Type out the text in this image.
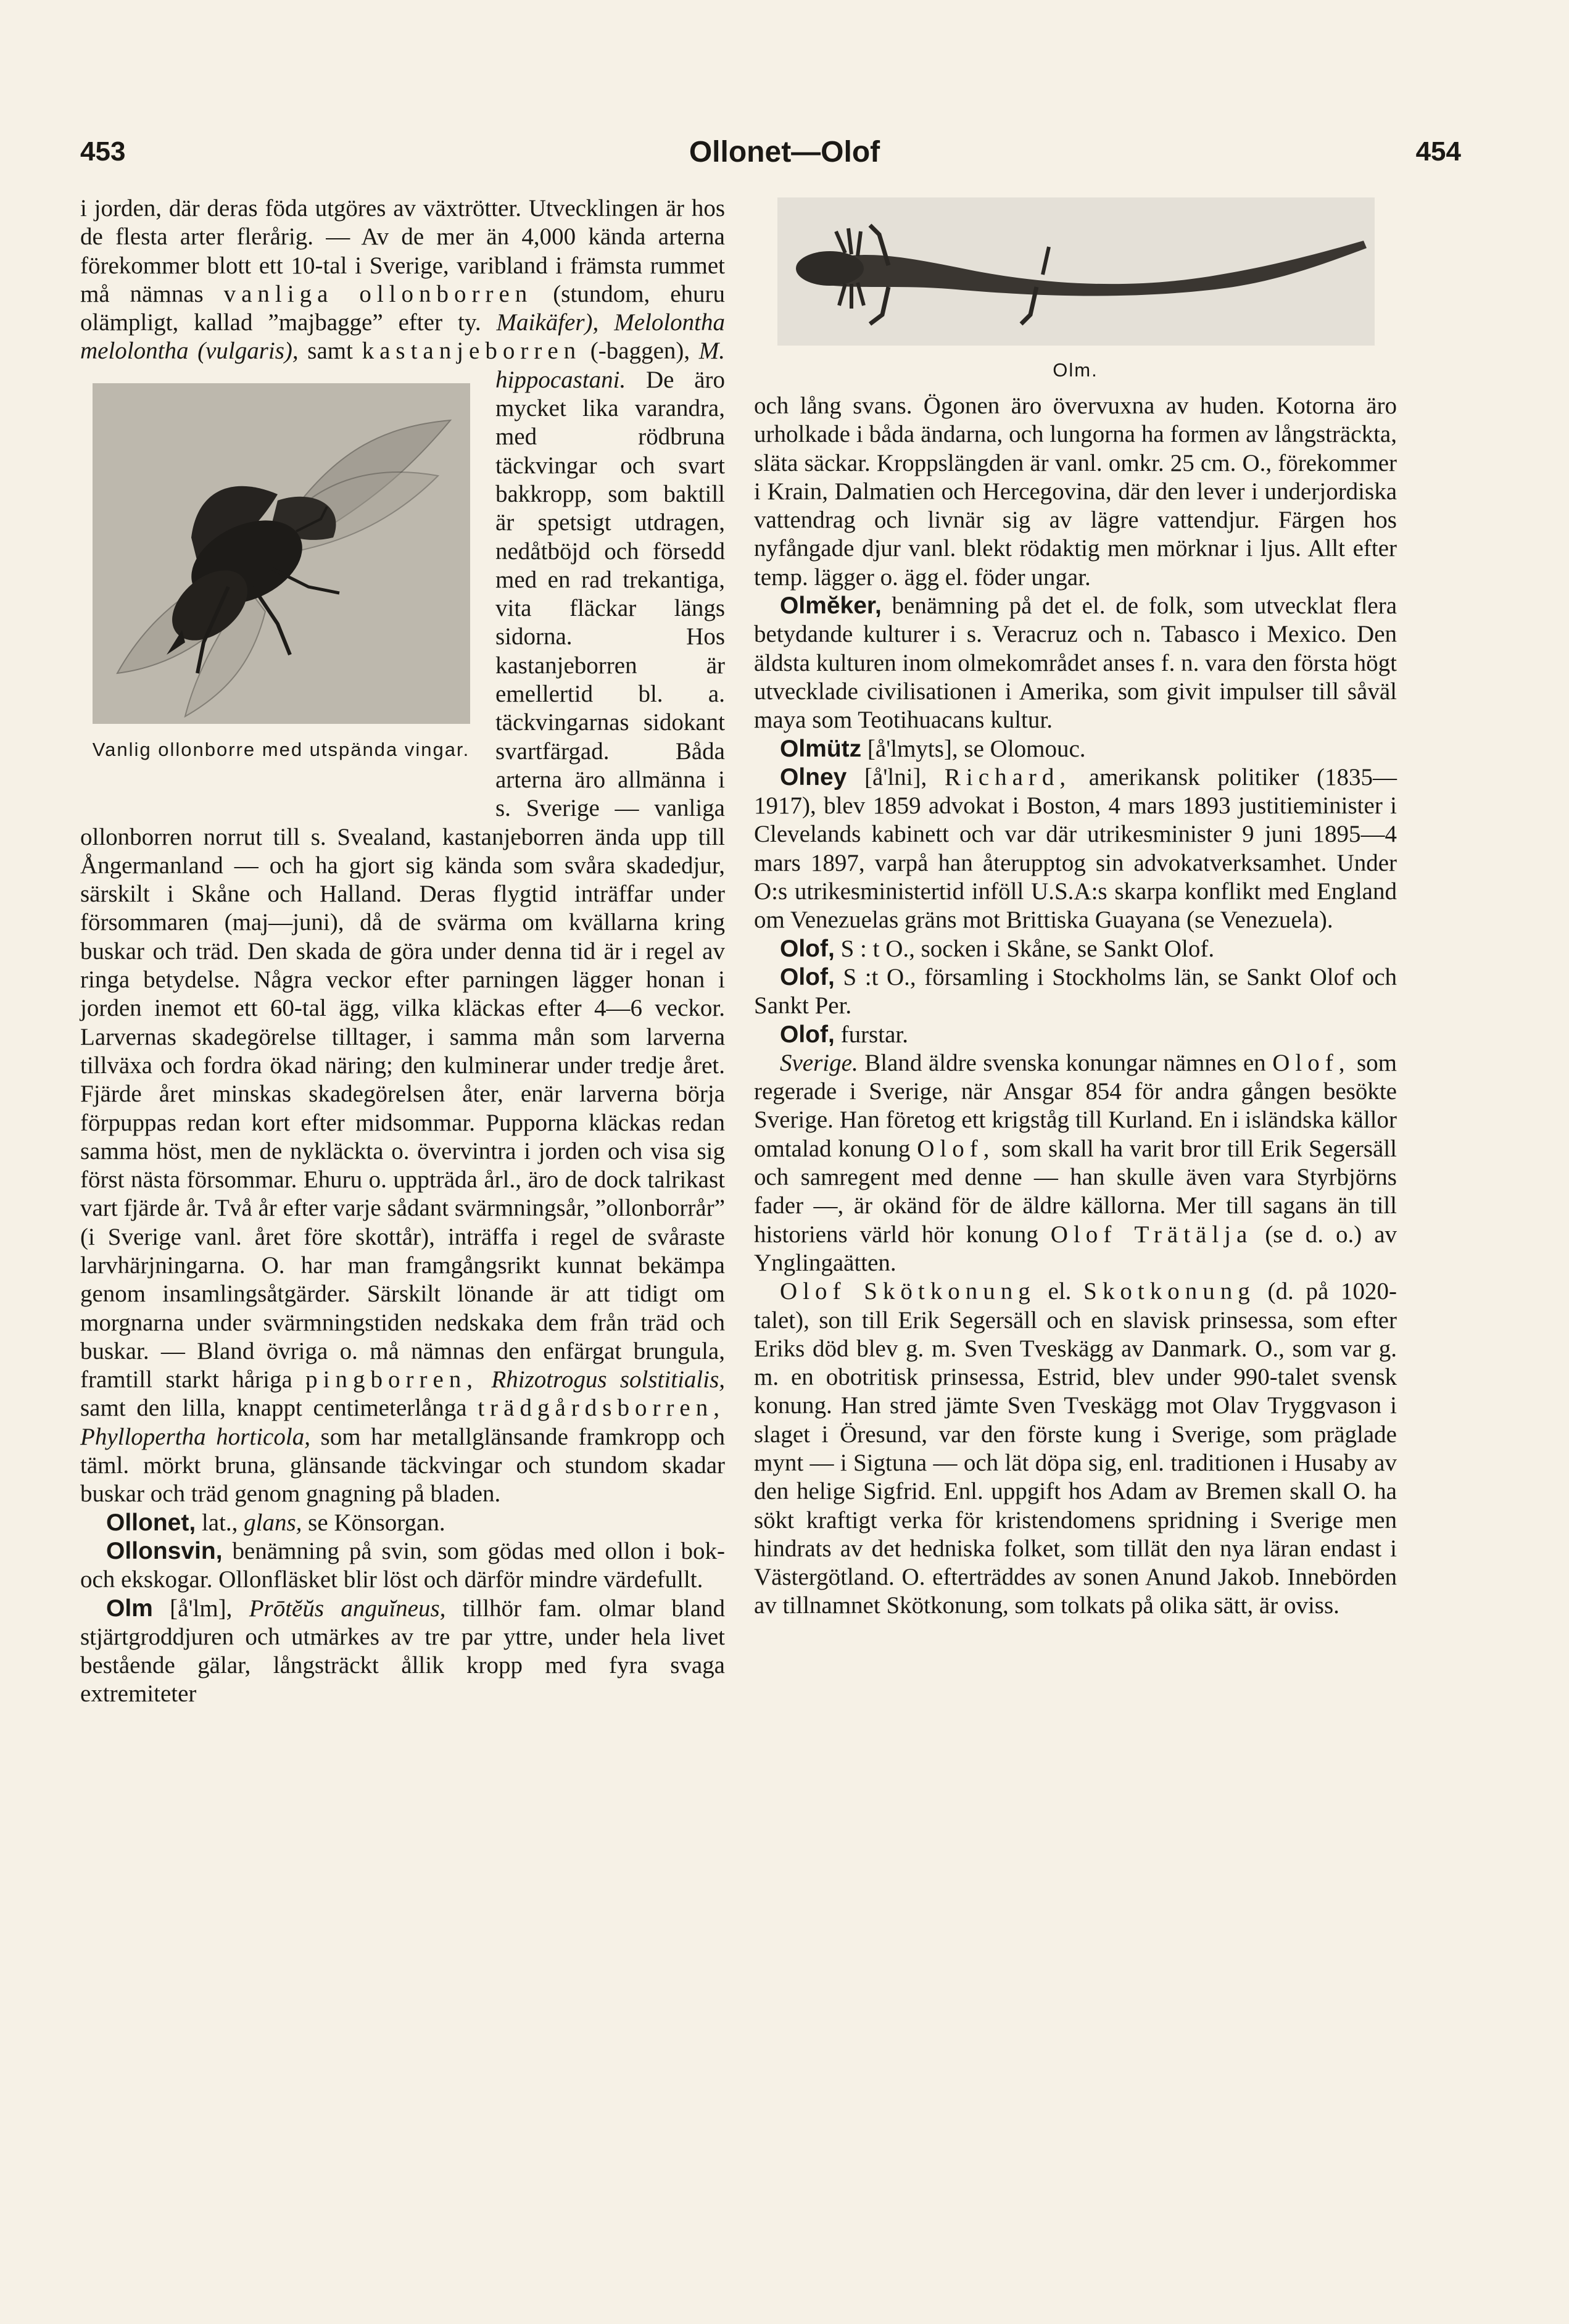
453	Ollonet—Olof	454

i jorden, där deras föda utgöres av växtrötter. Utvecklingen är hos de flesta arter flerårig. — Av de mer än 4,000 kända arterna förekommer blott ett 10-tal i Sverige, varibland i främsta rummet må nämnas vanliga ollonborren (stundom, ehuru olämpligt, kallad ”majbagge” efter ty. Maikäfer), Melolontha melolontha (vulgaris), samt kastanjeborren (-baggen), M. hippocastani.
Vanlig ollonborre med utspända vingar.
De äro mycket lika varandra, med rödbruna täckvingar och svart bakkropp, som baktill är spetsigt utdragen, nedåtböjd och försedd med en rad trekantiga, vita fläckar längs sidorna. Hos kastanjeborren är emellertid bl. a. täckvingarnas sidokant svartfärgad. Båda arterna äro allmänna i s. Sverige — vanliga ollonborren norrut till s. Svealand, kastanjeborren ända upp till Ångermanland — och ha gjort sig kända som svåra skadedjur, särskilt i Skåne och Halland. Deras flygtid inträffar under försommaren (maj—juni), då de svärma om kvällarna kring buskar och träd. Den skada de göra under denna tid är i regel av ringa betydelse. Några veckor efter parningen lägger honan i jorden inemot ett 60-tal ägg, vilka kläckas efter 4—6 veckor. Larvernas skadegörelse tilltager, i samma mån som larverna tillväxa och fordra ökad näring; den kulminerar under tredje året. Fjärde året minskas skadegörelsen åter, enär larverna börja förpuppas redan kort efter midsommar. Pupporna kläckas redan samma höst, men de nykläckta o. övervintra i jorden och visa sig först nästa försommar. Ehuru o. uppträda årl., äro de dock talrikast vart fjärde år. Två år efter varje sådant svärmningsår, ”ollonborrår” (i Sverige vanl. året före skottår), inträffa i regel de svåraste larvhärjningarna. O. har man framgångsrikt kunnat bekämpa genom insamlingsåtgärder. Särskilt lönande är att tidigt om morgnarna under svärmningstiden nedskaka dem från träd och buskar. — Bland övriga o. må nämnas den enfärgat brungula, framtill starkt håriga pingborren, Rhizotrogus solstitialis, samt den lilla, knappt centimeterlånga trädgårdsborren, Phyllopertha horticola, som har metallglänsande framkropp och täml. mörkt bruna, glänsande täckvingar och stundom skadar buskar och träd genom gnagning på bladen.

Ollonet, lat., glans, se Könsorgan.

Ollonsvin, benämning på svin, som gödas med ollon i bok- och ekskogar. Ollonfläsket blir löst och därför mindre värdefullt.

Olm [å'lm], Prōtĕŭs anguĭneus, tillhör fam. olmar bland stjärtgroddjuren och utmärkes av tre par yttre, under hela livet bestående gälar, långsträckt ållik kropp med fyra svaga extremiteter

Olm.

och lång svans. Ögonen äro övervuxna av huden. Kotorna äro urholkade i båda ändarna, och lungorna ha formen av långsträckta, släta säckar. Kroppslängden är vanl. omkr. 25 cm. O., förekommer i Krain, Dalmatien och Hercegovina, där den lever i underjordiska vattendrag och livnär sig av lägre vattendjur. Färgen hos nyfångade djur vanl. blekt rödaktig men mörknar i ljus. Allt efter temp. lägger o. ägg el. föder ungar.

Olmĕker, benämning på det el. de folk, som utvecklat flera betydande kulturer i s. Veracruz och n. Tabasco i Mexico. Den äldsta kulturen inom olmekområdet anses f. n. vara den första högt utvecklade civilisationen i Amerika, som givit impulser till såväl maya som Teotihuacans kultur.

Olmütz [å'lmyts], se Olomouc.

Olney [å'lni], Richard, amerikansk politiker (1835—1917), blev 1859 advokat i Boston, 4 mars 1893 justitieminister i Clevelands kabinett och var där utrikesminister 9 juni 1895—4 mars 1897, varpå han återupptog sin advokatverksamhet. Under O:s utrikesministertid inföll U.S.A:s skarpa konflikt med England om Venezuelas gräns mot Brittiska Guayana (se Venezuela).

Olof, S : t O., socken i Skåne, se Sankt Olof.

Olof, S :t O., församling i Stockholms län, se Sankt Olof och Sankt Per.

Olof, furstar.

Sverige. Bland äldre svenska konungar nämnes en Olof, som regerade i Sverige, när Ansgar 854 för andra gången besökte Sverige. Han företog ett krigståg till Kurland. En i isländska källor omtalad konung Olof, som skall ha varit bror till Erik Segersäll och samregent med denne — han skulle även vara Styrbjörns fader —, är okänd för de äldre källorna. Mer till sagans än till historiens värld hör konung Olof Trätälja (se d. o.) av Ynglingaätten.

Olof Skötkonung el. Skotkonung (d. på 1020-talet), son till Erik Segersäll och en slavisk prinsessa, som efter Eriks död blev g. m. Sven Tveskägg av Danmark. O., som var g. m. en obotritisk prinsessa, Estrid, blev under 990-talet svensk konung. Han stred jämte Sven Tveskägg mot Olav Tryggvason i slaget i Öresund, var den förste kung i Sverige, som präglade mynt — i Sigtuna — och lät döpa sig, enl. traditionen i Husaby av den helige Sigfrid. Enl. uppgift hos Adam av Bremen skall O. ha sökt kraftigt verka för kristendomens spridning i Sverige men hindrats av det hedniska folket, som tillät den nya läran endast i Västergötland. O. efterträddes av sonen Anund Jakob. Innebörden av tillnamnet Skötkonung, som tolkats på olika sätt, är oviss.
